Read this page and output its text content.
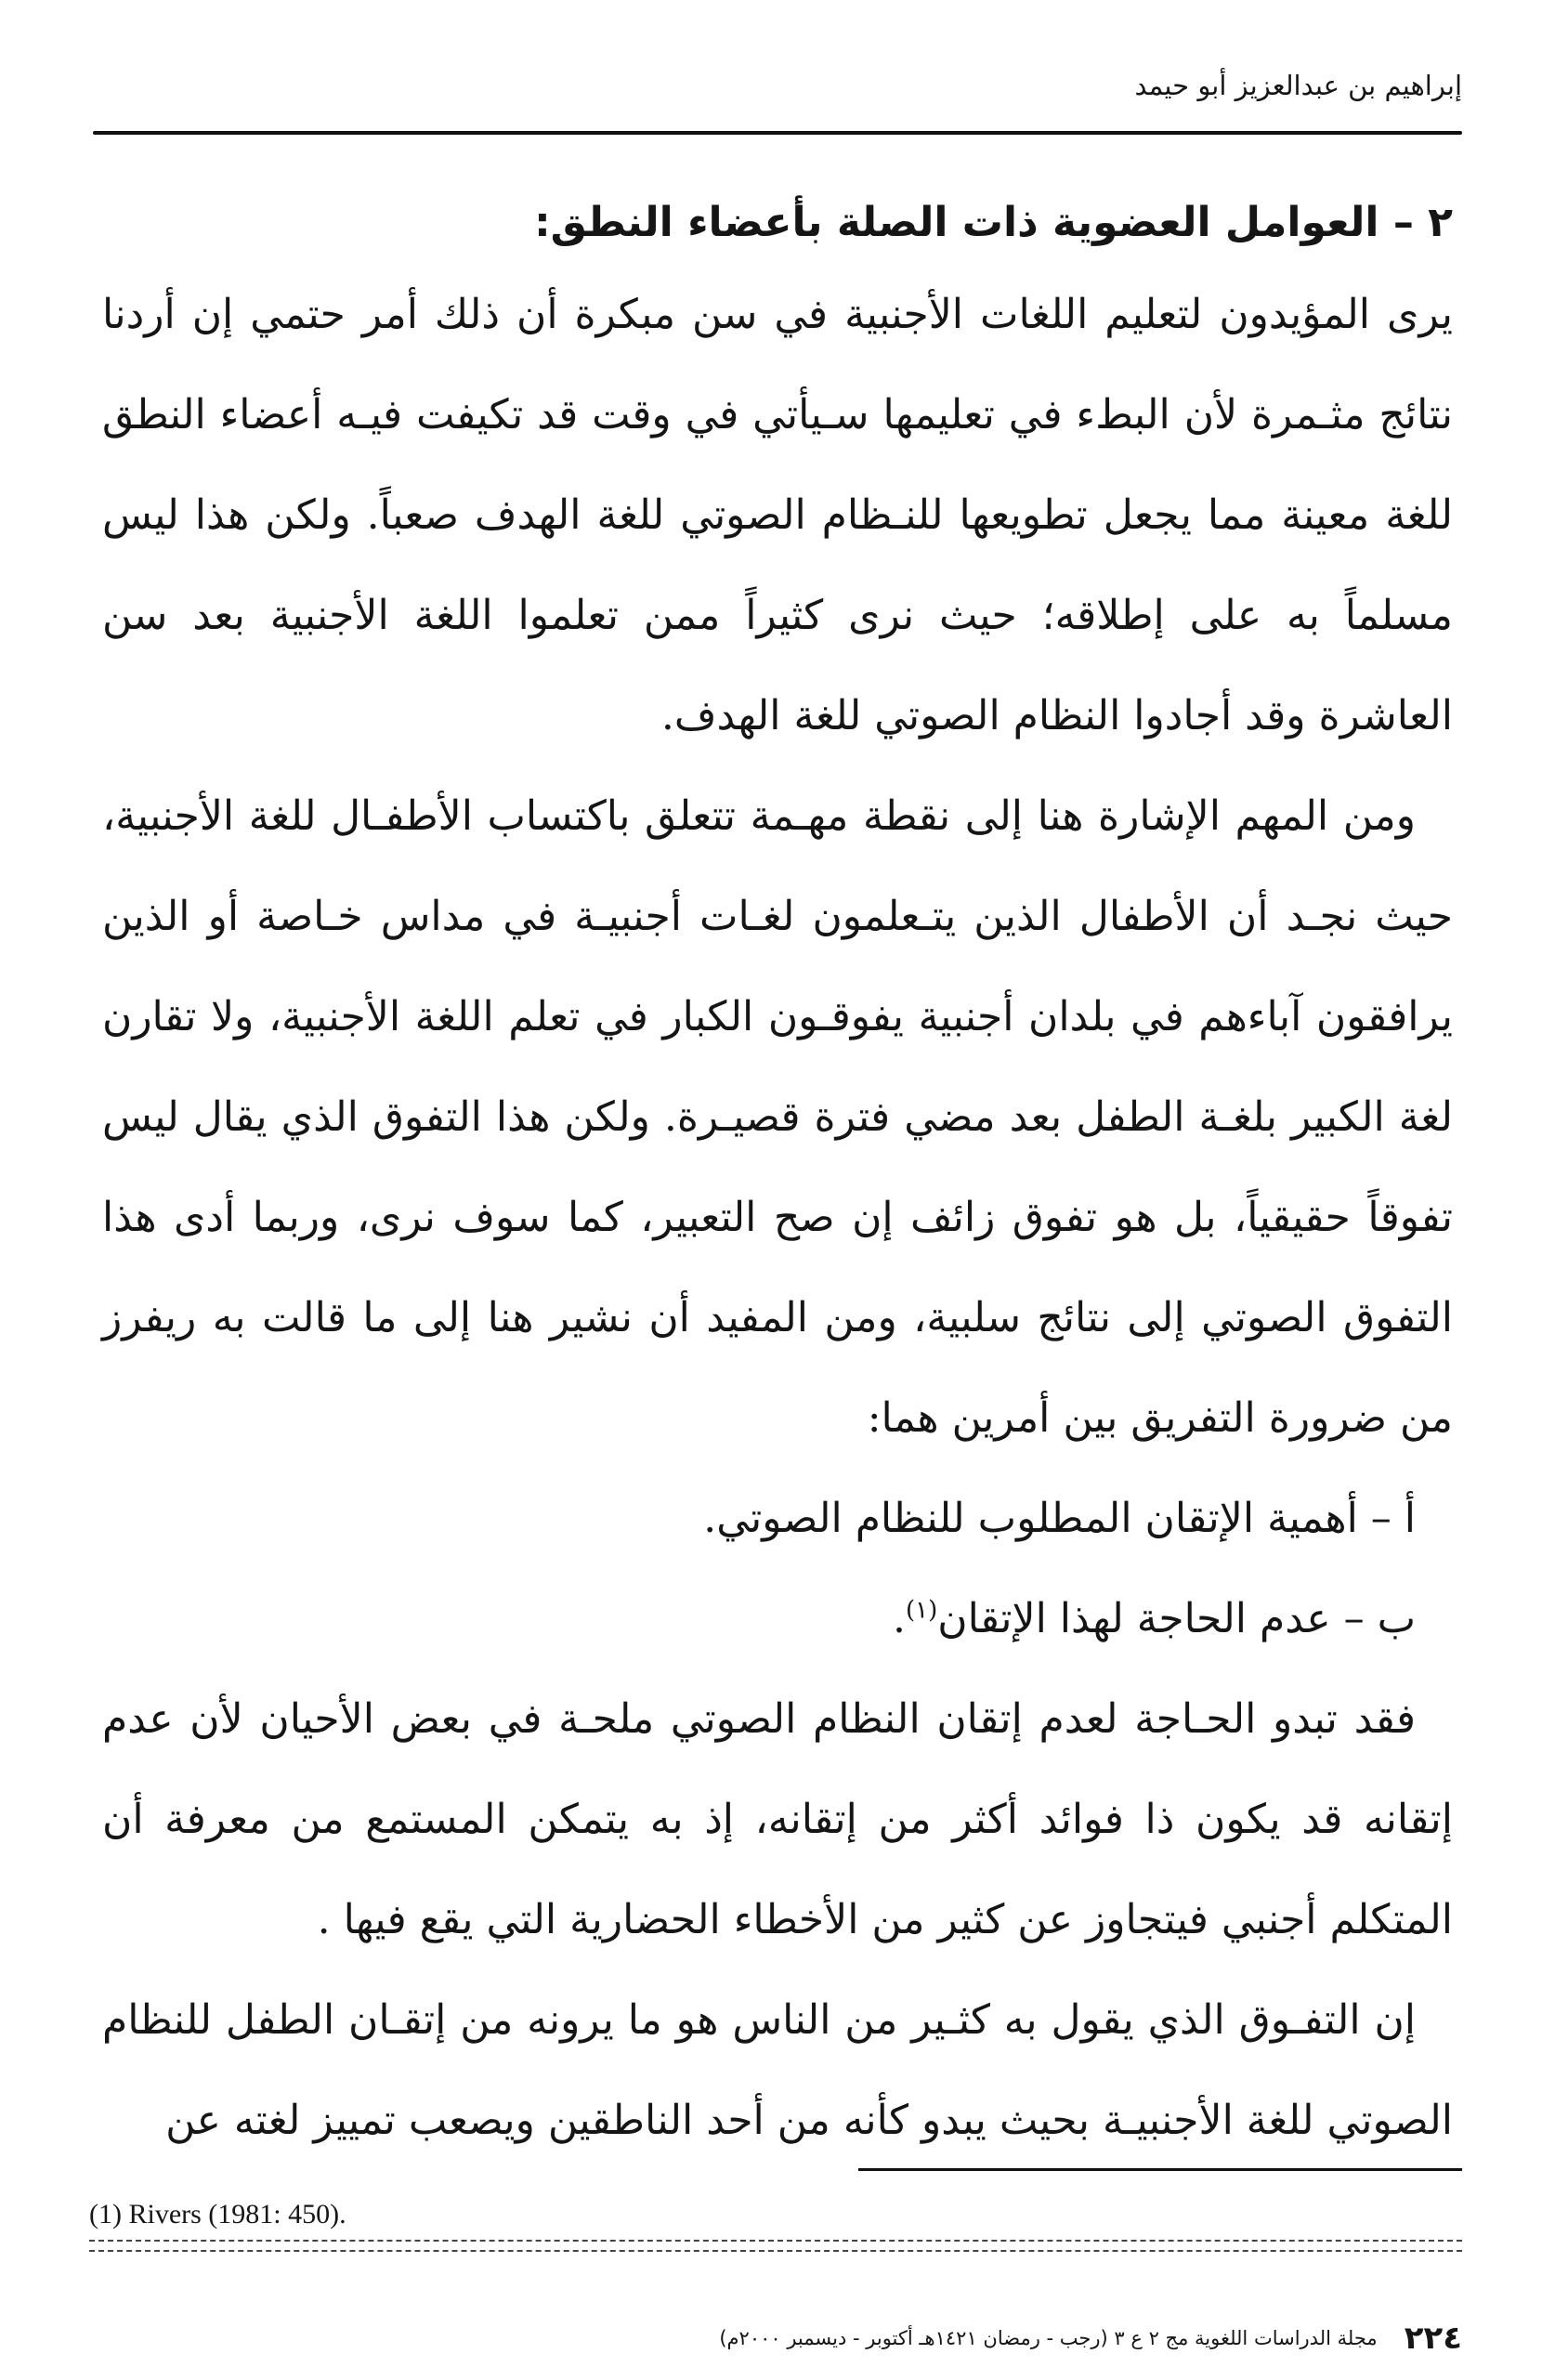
إبراهيم بن عبدالعزيز أبو حيمد
٢ – العوامل العضوية ذات الصلة بأعضاء النطق:

يرى المؤيدون لتعليم اللغات الأجنبية في سن مبكرة أن ذلك أمر حتمي إن أردنا نتائج مثـمرة لأن البطء في تعليمها سـيأتي في وقت قد تكيفت فيـه أعضاء النطق للغة معينة مما يجعل تطويعها للنـظام الصوتي للغة الهدف صعباً. ولكن هذا ليس مسلماً به على إطلاقه؛ حيث نرى كثيراً ممن تعلموا اللغة الأجنبية بعد سن العاشرة وقد أجادوا النظام الصوتي للغة الهدف.

ومن المهم الإشارة هنا إلى نقطة مهـمة تتعلق باكتساب الأطفـال للغة الأجنبية، حيث نجـد أن الأطفال الذين يتـعلمون لغـات أجنبيـة في مداس خـاصة أو الذين يرافقون آباءهم في بلدان أجنبية يفوقـون الكبار في تعلم اللغة الأجنبية، ولا تقارن لغة الكبير بلغـة الطفل بعد مضي فترة قصيـرة. ولكن هذا التفوق الذي يقال ليس تفوقاً حقيقياً، بل هو تفوق زائف إن صح التعبير، كما سوف نرى، وربما أدى هذا التفوق الصوتي إلى نتائج سلبية، ومن المفيد أن نشير هنا إلى ما قالت به ريفرز من ضرورة التفريق بين أمرين هما:

أ – أهمية الإتقان المطلوب للنظام الصوتي.

ب – عدم الحاجة لهذا الإتقان$^{(١)}$.

فقد تبدو الحـاجة لعدم إتقان النظام الصوتي ملحـة في بعض الأحيان لأن عدم إتقانه قد يكون ذا فوائد أكثر من إتقانه، إذ به يتمكن المستمع من معرفة أن المتكلم أجنبي فيتجاوز عن كثير من الأخطاء الحضارية التي يقع فيها .

إن التفـوق الذي يقول به كثـير من الناس هو ما يرونه من إتقـان الطفل للنظام الصوتي للغة الأجنبيـة بحيث يبدو كأنه من أحد الناطقين ويصعب تمييز لغته عن

(1) Rivers (1981: 450).
٢٢٤ مجلة الدراسات اللغوية مج ٢ ع ٣ (رجب - رمضان ١٤٢١هـ أكتوبر - ديسمبر ٢٠٠٠م)
